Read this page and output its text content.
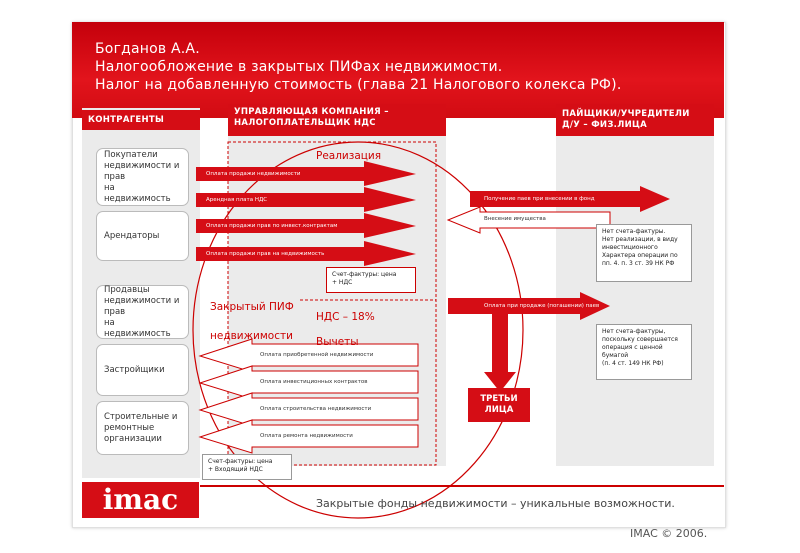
Богданов А.А.
Налогообложение в закрытых ПИФах недвижимости.
Налог на добавленную стоимость (глава 21 Налогового колекса РФ).
КОНТРАГЕНТЫ
УПРАВЛЯЮЩАЯ КОМПАНИЯ –
НАЛОГОПЛАТЕЛЬЩИК НДС
ПАЙЩИКИ/УЧРЕДИТЕЛИ
Д/У – ФИЗ.ЛИЦА
Покупатели
недвижимости и
прав
на недвижимость
Арендаторы
Продавцы
недвижимости и
прав
на недвижимость
Застройщики
Строительные и
ремонтные
организации
Оплата продажи недвижимости
Арендная плата НДС
Оплата продажи прав по инвест.контрактам
Оплата продажи прав на недвижимость
Оплата приобретенной недвижимости
Оплата инвестиционных контрактов
Оплата строительства недвижимости
Оплата ремонта недвижимости
Получение паев при внесении в фонд
Внесение имущества
Оплата при продаже (погашении) паев
Реализация
Закрытый ПИФ
недвижимости
НДС – 18%
Вычеты
Счет-фактуры: цена
+ НДС
Счет-фактуры: цена
+ Входящий НДС
Нет счета-фактуры.
Нет реализации, в виду
инвестиционного
Характера операции по
пп. 4. п. 3 ст. 39 НК РФ
Нет счета-фактуры,
поскольку совершается
операция с ценной
бумагой
(п. 4 ст. 149 НК РФ)
ТРЕТЬИ
ЛИЦА
imac	Закрытые фонды недвижимости – уникальные возможности.
IMAC © 2006.
